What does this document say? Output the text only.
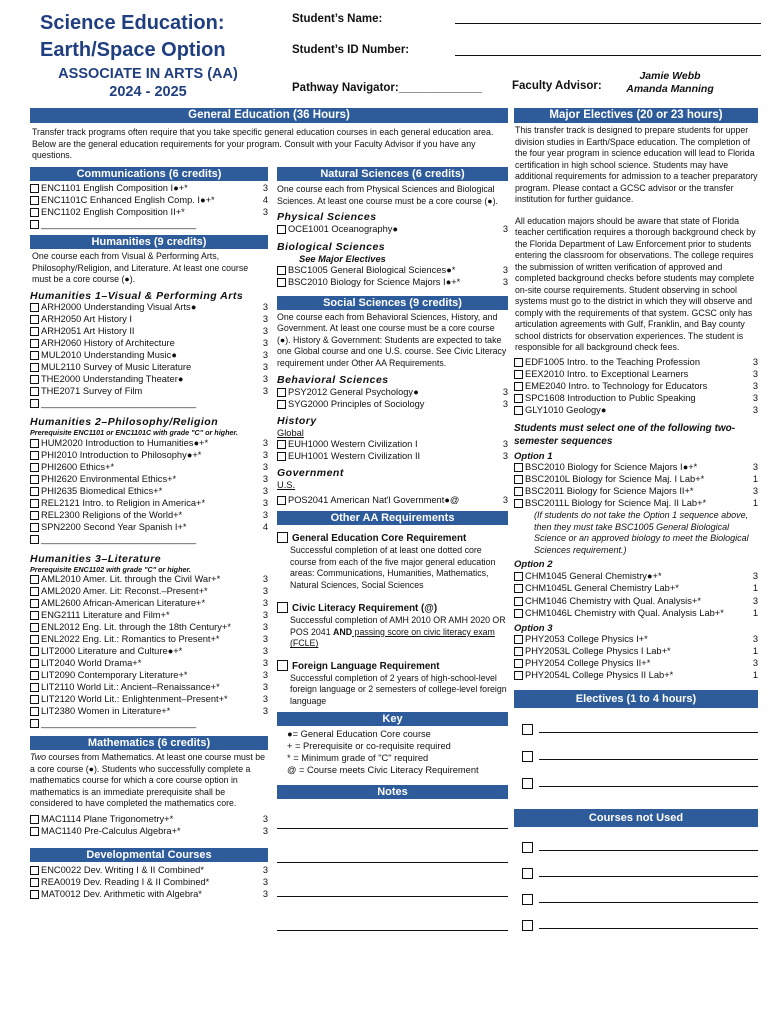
Science Education:
Earth/Space Option
ASSOCIATE IN ARTS (AA)
2024 - 2025
Student’s Name:
Student’s ID Number:
Pathway Navigator:_____________	Faculty Advisor:
Jamie Webb
Amanda Manning
General Education (36 Hours)
Transfer track programs often require that you take specific general education courses in each general education area. Below are the general education requirements for your program. Consult with your Faculty Advisor if you have any questions.
Communications (6 credits)
ENC1101 English Composition I●+*	3
ENC1101C Enhanced English Comp. I●+*	4
ENC1102 English Composition II+*	3
______________________________
Humanities (9 credits)
One course each from Visual & Performing Arts, Philosophy/Religion, and Literature. At least one course must be a core course (●).
Humanities 1–Visual & Performing Arts
ARH2000 Understanding Visual Arts●	3
ARH2050 Art History I	3
ARH2051 Art History II	3
ARH2060 History of Architecture	3
MUL2010 Understanding Music●	3
MUL2110 Survey of Music Literature	3
THE2000 Understanding Theater●	3
THE2071 Survey of Film	3
______________________________
Humanities 2–Philosophy/Religion
Prerequisite ENC1101 or ENC1101C with grade "C" or higher.
HUM2020 Introduction to Humanities●+*	3
PHI2010 Introduction to Philosophy●+*	3
PHI2600 Ethics+*	3
PHI2620 Environmental Ethics+*	3
PHI2635 Biomedical Ethics+*	3
REL2121 Intro. to Religion in America+*	3
REL2300 Religions of the World+*	3
SPN2200 Second Year Spanish I+*	4
______________________________
Humanities 3–Literature
Prerequisite ENC1102 with grade "C" or higher.
AML2010 Amer. Lit. through the Civil War+*	3
AML2020 Amer. Lit: Reconst.–Present+*	3
AML2600 African-American Literature+*	3
ENG2111 Literature and Film+*	3
ENL2012 Eng. Lit. through the 18th Century+*	3
ENL2022 Eng. Lit.: Romantics to Present+*	3
LIT2000 Literature and Culture●+*	3
LIT2040 World Drama+*	3
LIT2090 Contemporary Literature+*	3
LIT2110 World Lit.: Ancient–Renaissance+*	3
LIT2120 World Lit.: Enlightenment–Present+*	3
LIT2380 Women in Literature+*	3
______________________________
Mathematics (6 credits)
Two courses from Mathematics. At least one course must be a core course (●). Students who successfully complete a mathematics course for which a core course option in mathematics is an immediate prerequisite shall be considered to have completed the mathematics core.
MAC1114 Plane Trigonometry+*	3
MAC1140 Pre-Calculus Algebra+*	3
Developmental Courses
ENC0022 Dev. Writing I & II Combined*	3
REA0019 Dev. Reading I & II Combined*	3
MAT0012 Dev. Arithmetic with Algebra*	3
Natural Sciences (6 credits)
One course each from Physical Sciences and Biological Sciences. At least one course must be a core course (●).
Physical Sciences
OCE1001 Oceanography●	3
Biological Sciences
See Major Electives
BSC1005 General Biological Sciences●*	3
BSC2010 Biology for Science Majors I●+*	3
Social Sciences (9 credits)
One course each from Behavioral Sciences, History, and Government. At least one course must be a core course (●). History & Government: Students are expected to take one Global course and one U.S. course. See Civic Literacy requirement under Other AA Requirements.
Behavioral Sciences
PSY2012 General Psychology●	3
SYG2000 Principles of Sociology	3
History
Global
EUH1000 Western Civilization I	3
EUH1001 Western Civilization II	3
Government
U.S.
POS2041 American Nat'l Government●@	3
Other AA Requirements
General Education Core Requirement
Successful completion of at least one dotted core course from each of the five major general education areas: Communications, Humanities, Mathematics, Natural Sciences, Social Sciences
Civic Literacy Requirement (@)
Successful completion of AMH 2010 OR AMH 2020 OR POS 2041 AND passing score on civic literacy exam (FCLE)
Foreign Language Requirement
Successful completion of 2 years of high-school-level foreign language or 2 semesters of college-level foreign language
Key
●= General Education Core course
+ = Prerequisite or co-requisite required
* = Minimum grade of "C" required
@ = Course meets Civic Literacy Requirement
Notes
Major Electives (20 or 23 hours)
This transfer track is designed to prepare students for upper division studies in Earth/Space education. The completion of the four year program in science education will lead to Florida certification in high school science. Students may have additional requirements for admission to a teacher preparatory program. Please contact a GCSC advisor or the transfer institution for further guidance.
All education majors should be aware that state of Florida teacher certification requires a thorough background check by the Florida Department of Law Enforcement prior to students entering the classroom for observations. The college requires the submission of written verification of approved and completed background checks before students may complete on-site course requirements. Student observing in school systems must go to the district in which they will observe and comply with the requirements of that system. GCSC only has articulation agreements with Gulf, Franklin, and Bay county school districts for observation experiences. The student is responsible for all background check fees.
EDF1005 Intro. to the Teaching Profession	3
EEX2010 Intro. to Exceptional Learners	3
EME2040 Intro. to Technology for Educators	3
SPC1608 Introduction to Public Speaking	3
GLY1010 Geology●	3
Students must select one of the following two-semester sequences
Option 1
BSC2010 Biology for Science Majors I●+*	3
BSC2010L Biology for Science Maj. I Lab+*	1
BSC2011 Biology for Science Majors II+*	3
BSC2011L Biology for Science Maj. II Lab+*	1
(If students do not take the Option 1 sequence above, then they must take BSC1005 General Biological Science or an approved biology to meet the Biological Sciences requirement.)
Option 2
CHM1045 General Chemistry●+*	3
CHM1045L General Chemistry Lab+*	1
CHM1046 Chemistry with Qual. Analysis+*	3
CHM1046L Chemistry with Qual. Analysis Lab+*	1
Option 3
PHY2053 College Physics I+*	3
PHY2053L College Physics I Lab+*	1
PHY2054 College Physics II+*	3
PHY2054L College Physics II Lab+*	1
Electives (1 to 4 hours)
Courses not Used
